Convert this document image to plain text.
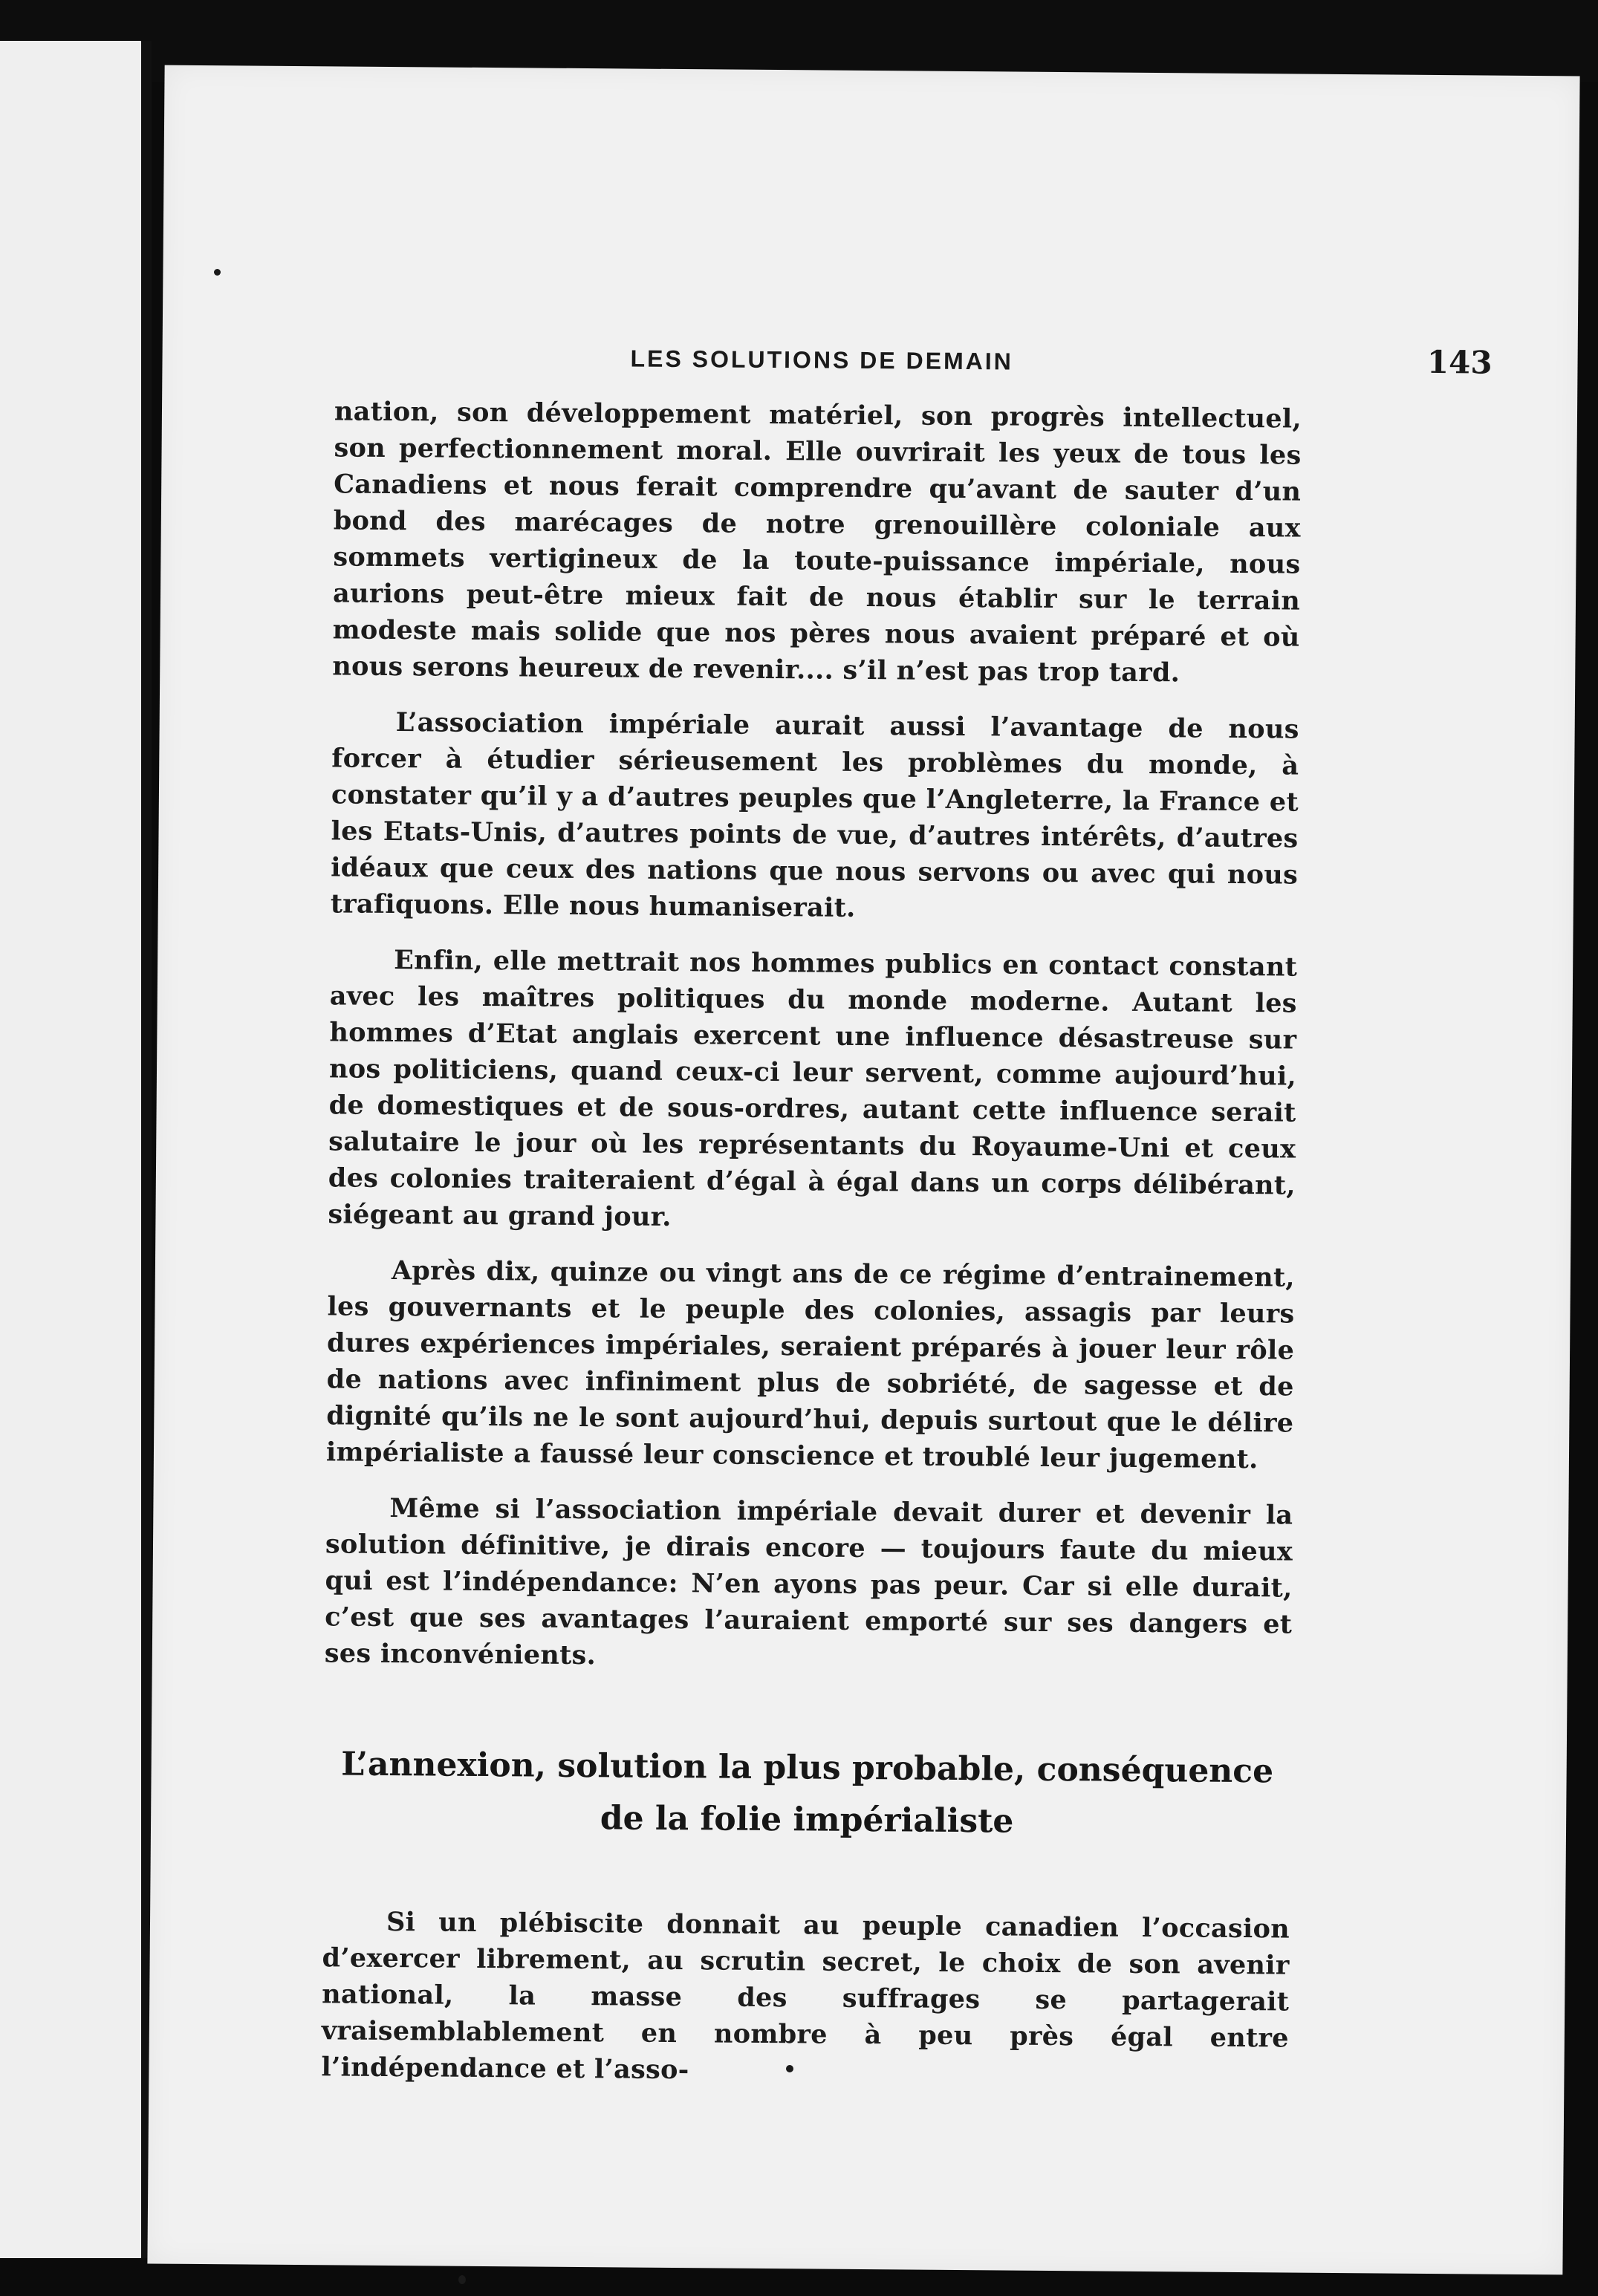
LES SOLUTIONS DE DEMAIN	143

nation, son développement matériel, son progrès intellectuel, son perfectionnement moral. Elle ouvrirait les yeux de tous les Canadiens et nous ferait comprendre qu’avant de sauter d’un bond des marécages de notre grenouillère coloniale aux sommets vertigineux de la toute-puissance impériale, nous aurions peut-être mieux fait de nous établir sur le terrain modeste mais solide que nos pères nous avaient préparé et où nous serons heureux de revenir.... s’il n’est pas trop tard.

L’association impériale aurait aussi l’avantage de nous forcer à étudier sérieusement les problèmes du monde, à constater qu’il y a d’autres peuples que l’Angleterre, la France et les Etats-Unis, d’autres points de vue, d’autres intérêts, d’autres idéaux que ceux des nations que nous servons ou avec qui nous trafiquons. Elle nous humaniserait.

Enfin, elle mettrait nos hommes publics en contact constant avec les maîtres politiques du monde moderne. Autant les hommes d’Etat anglais exercent une influence désastreuse sur nos politiciens, quand ceux-ci leur servent, comme aujourd’hui, de domestiques et de sous-ordres, autant cette influence serait salutaire le jour où les représentants du Royaume-Uni et ceux des colonies traiteraient d’égal à égal dans un corps délibérant, siégeant au grand jour.

Après dix, quinze ou vingt ans de ce régime d’entrainement, les gouvernants et le peuple des colonies, assagis par leurs dures expériences impériales, seraient préparés à jouer leur rôle de nations avec infiniment plus de sobriété, de sagesse et de dignité qu’ils ne le sont aujourd’hui, depuis surtout que le délire impérialiste a faussé leur conscience et troublé leur jugement.

Même si l’association impériale devait durer et devenir la solution définitive, je dirais encore — toujours faute du mieux qui est l’indépendance: N’en ayons pas peur. Car si elle durait, c’est que ses avantages l’auraient emporté sur ses dangers et ses inconvénients.

L’annexion, solution la plus probable, conséquence de la folie impérialiste

Si un plébiscite donnait au peuple canadien l’occasion d’exercer librement, au scrutin secret, le choix de son avenir national, la masse des suffrages se partagerait vraisemblablement en nombre à peu près égal entre l’indépendance et l’asso-
